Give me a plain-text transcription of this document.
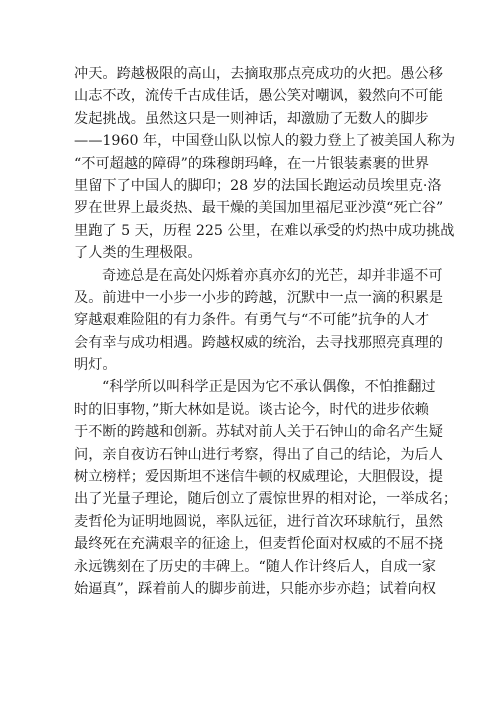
冲天。跨越极限的高山，去摘取那点亮成功的火把。愚公移
山志不改，流传千古成佳话，愚公笑对嘲讽，毅然向不可能
发起挑战。虽然这只是一则神话，却激励了无数人的脚步
——1960 年，中国登山队以惊人的毅力登上了被美国人称为
“不可超越的障碍”的珠穆朗玛峰，在一片银装素裹的世界
里留下了中国人的脚印；28 岁的法国长跑运动员埃里克·洛
罗在世界上最炎热、最干燥的美国加里福尼亚沙漠“死亡谷”
里跑了 5 天，历程 225 公里，在难以承受的灼热中成功挑战
了人类的生理极限。
奇迹总是在高处闪烁着亦真亦幻的光芒，却并非遥不可
及。前进中一小步一小步的跨越，沉默中一点一滴的积累是
穿越艰难险阻的有力条件。有勇气与“不可能”抗争的人才
会有幸与成功相遇。跨越权威的统治，去寻找那照亮真理的
明灯。
“科学所以叫科学正是因为它不承认偶像，不怕推翻过
时的旧事物，”斯大林如是说。谈古论今，时代的进步依赖
于不断的跨越和创新。苏轼对前人关于石钟山的命名产生疑
问，亲自夜访石钟山进行考察，得出了自己的结论，为后人
树立榜样；爱因斯坦不迷信牛顿的权威理论，大胆假设，提
出了光量子理论，随后创立了震惊世界的相对论，一举成名；
麦哲伦为证明地圆说，率队远征，进行首次环球航行，虽然
最终死在充满艰辛的征途上，但麦哲伦面对权威的不屈不挠
永远镌刻在了历史的丰碑上。“随人作计终后人，自成一家
始逼真”，踩着前人的脚步前进，只能亦步亦趋；试着向权
